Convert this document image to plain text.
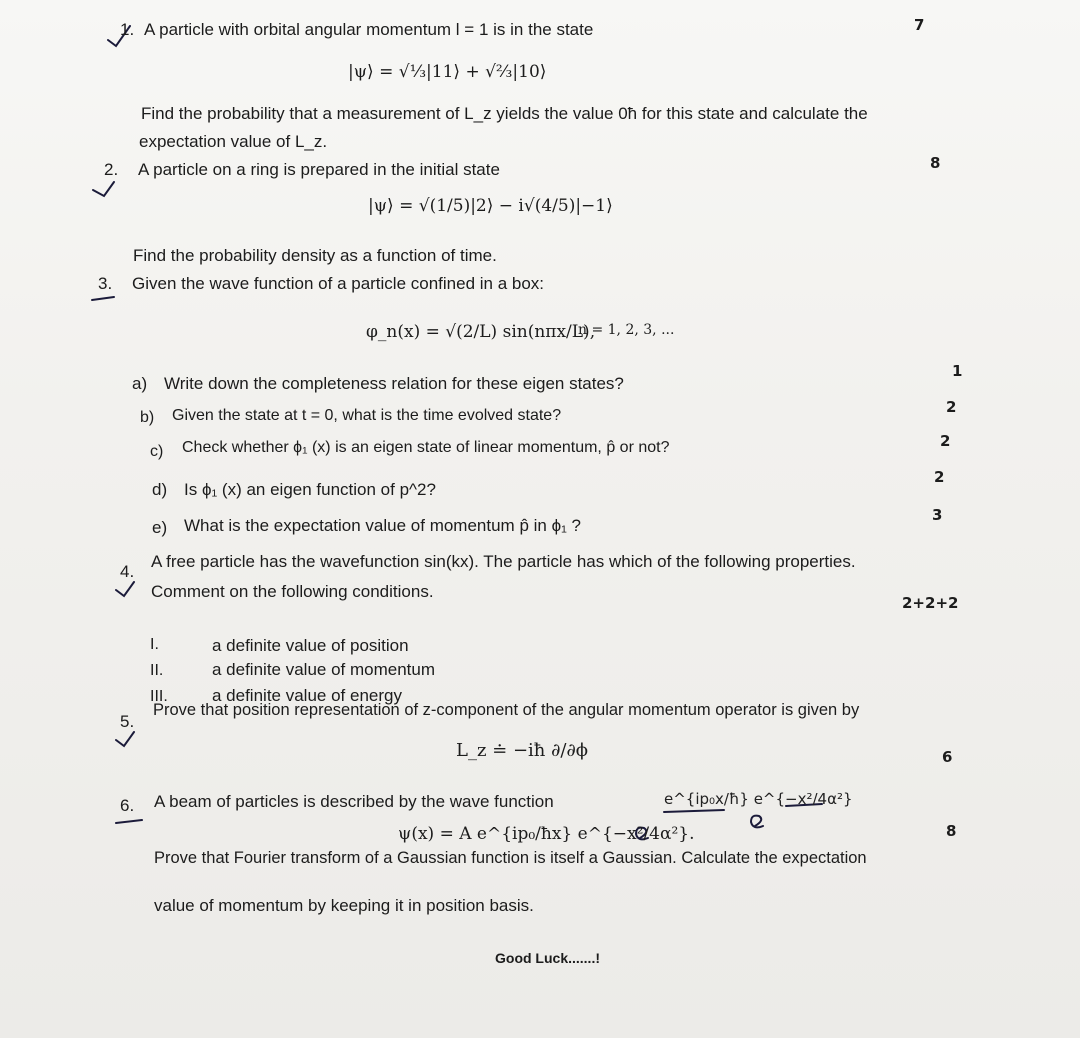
1. A particle with orbital angular momentum l = 1 is in the state	7
|ψ⟩ = √⅓|11⟩ + √⅔|10⟩
Find the probability that a measurement of L_z yields the value 0ħ for this state and calculate the
expectation value of L_z.
2. A particle on a ring is prepared in the initial state	8
|ψ⟩ = √(1/5)|2⟩ − i√(4/5)|−1⟩
Find the probability density as a function of time.
3. Given the wave function of a particle confined in a box:
φ_n(x) = √(2/L) sin(nπx/L),
n = 1, 2, 3, ...
a) Write down the completeness relation for these eigen states?
1
b) Given the state at t = 0, what is the time evolved state?	2
c) Check whether ϕ₁ (x) is an eigen state of linear momentum, p̂ or not?	2
d) Is ϕ₁ (x) an eigen function of p^2?
2
e) What is the expectation value of momentum p̂ in ϕ₁ ?
3
4.
A free particle has the wavefunction sin(kx). The particle has which of the following properties.
Comment on the following conditions.
2+2+2
I.	a definite value of position
II.	a definite value of momentum
III.	a definite value of energy
5.
Prove that position representation of z-component of the angular momentum operator is given by
L_z ≐ −iħ ∂/∂ϕ	6
6. A beam of particles is described by the wave function
ψ(x) = A e^{ip₀/ħx} e^{−x²/4α²}.
e^{ip₀x/ħ} e^{−x²/4α²}
8
Prove that Fourier transform of a Gaussian function is itself a Gaussian. Calculate the expectation
value of momentum by keeping it in position basis.
Good Luck.......!
